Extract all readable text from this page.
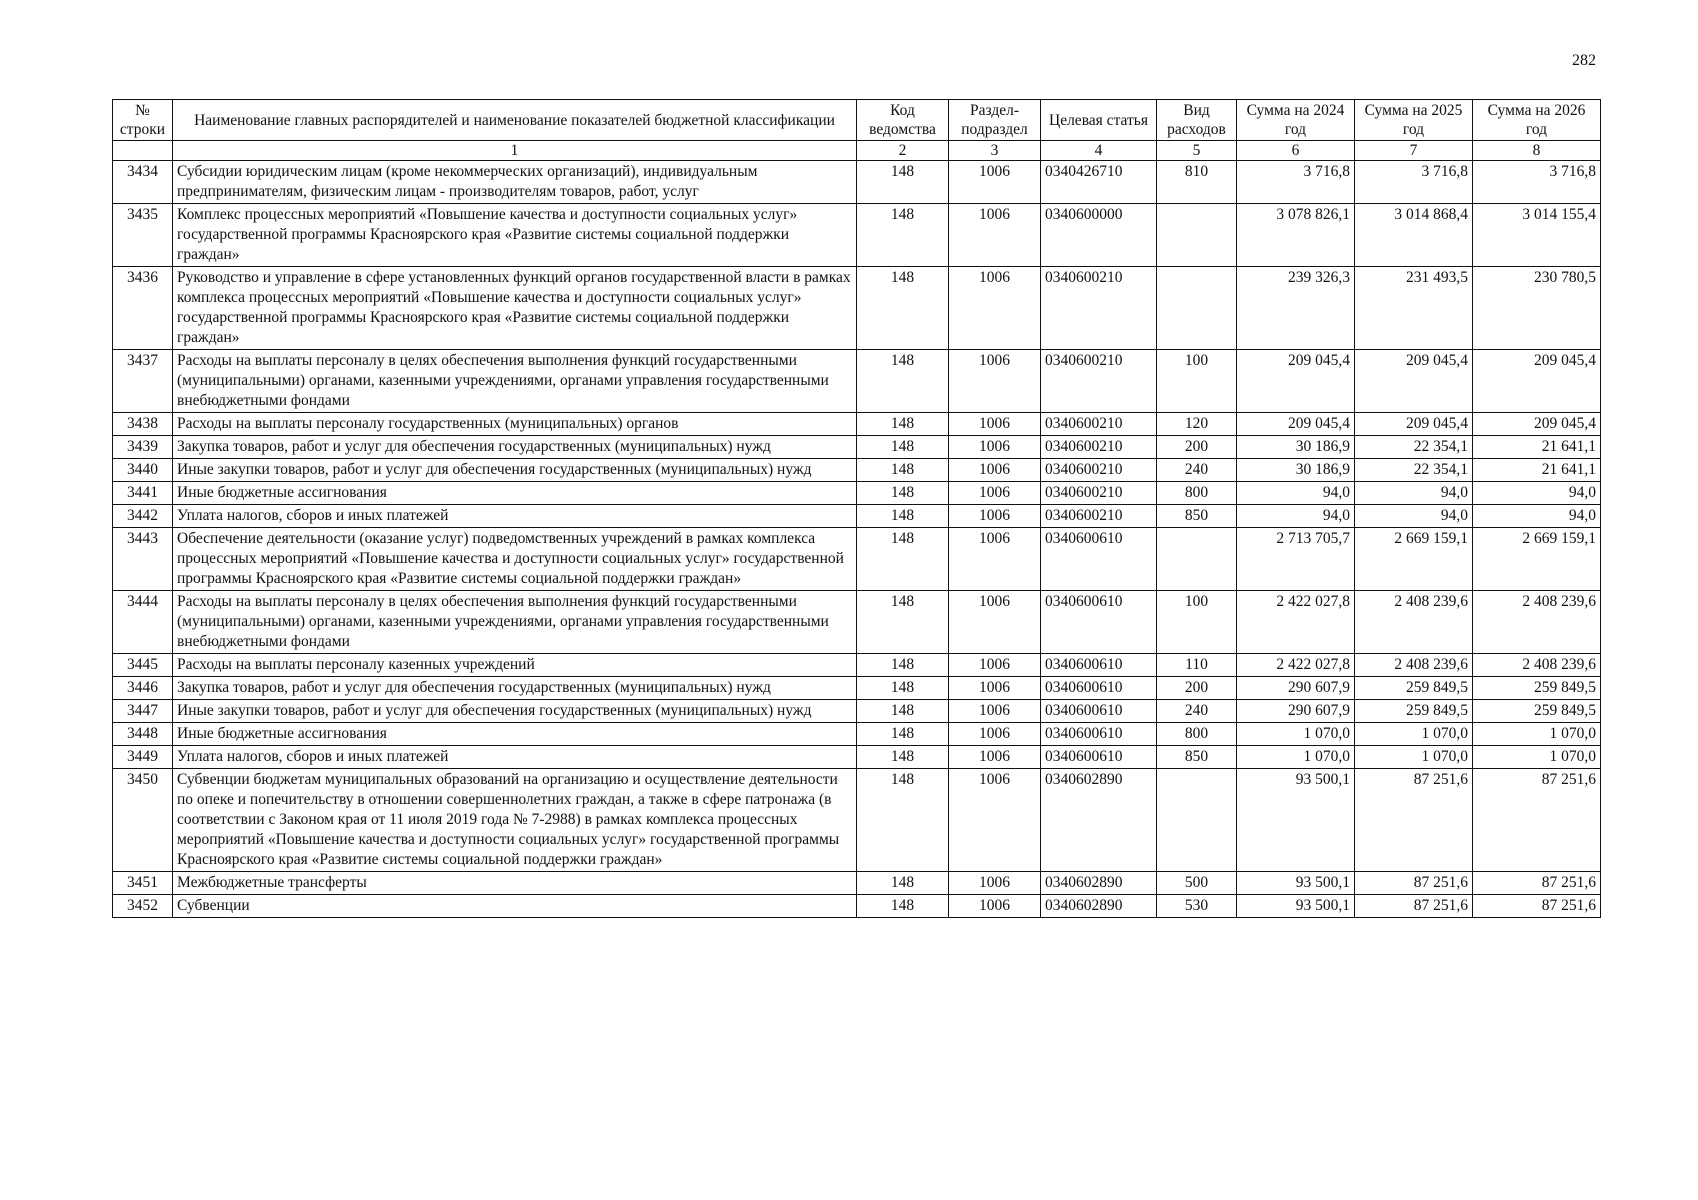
282
№ строки	Наименование главных распорядителей и наименование показателей бюджетной классификации	Код ведомства	Раздел-подраздел	Целевая статья	Вид расходов	Сумма на 2024 год	Сумма на 2025 год	Сумма на 2026 год
	1	2	3	4	5	6	7	8
3434	Субсидии юридическим лицам (кроме некоммерческих организаций), индивидуальным предпринимателям, физическим лицам - производителям товаров, работ, услуг	148	1006	0340426710	810	3 716,8	3 716,8	3 716,8
3435	Комплекс процессных мероприятий «Повышение качества и доступности социальных услуг» государственной программы Красноярского края «Развитие системы социальной поддержки граждан»	148	1006	0340600000		3 078 826,1	3 014 868,4	3 014 155,4
3436	Руководство и управление в сфере установленных функций органов государственной власти в рамках комплекса процессных мероприятий «Повышение качества и доступности социальных услуг» государственной программы Красноярского края «Развитие системы социальной поддержки граждан»	148	1006	0340600210		239 326,3	231 493,5	230 780,5
3437	Расходы на выплаты персоналу в целях обеспечения выполнения функций государственными (муниципальными) органами, казенными учреждениями, органами управления государственными внебюджетными фондами	148	1006	0340600210	100	209 045,4	209 045,4	209 045,4
3438	Расходы на выплаты персоналу государственных (муниципальных) органов	148	1006	0340600210	120	209 045,4	209 045,4	209 045,4
3439	Закупка товаров, работ и услуг для обеспечения государственных (муниципальных) нужд	148	1006	0340600210	200	30 186,9	22 354,1	21 641,1
3440	Иные закупки товаров, работ и услуг для обеспечения государственных (муниципальных) нужд	148	1006	0340600210	240	30 186,9	22 354,1	21 641,1
3441	Иные бюджетные ассигнования	148	1006	0340600210	800	94,0	94,0	94,0
3442	Уплата налогов, сборов и иных платежей	148	1006	0340600210	850	94,0	94,0	94,0
3443	Обеспечение деятельности (оказание услуг) подведомственных учреждений в рамках комплекса процессных мероприятий «Повышение качества и доступности социальных услуг» государственной программы Красноярского края «Развитие системы социальной поддержки граждан»	148	1006	0340600610		2 713 705,7	2 669 159,1	2 669 159,1
3444	Расходы на выплаты персоналу в целях обеспечения выполнения функций государственными (муниципальными) органами, казенными учреждениями, органами управления государственными внебюджетными фондами	148	1006	0340600610	100	2 422 027,8	2 408 239,6	2 408 239,6
3445	Расходы на выплаты персоналу казенных учреждений	148	1006	0340600610	110	2 422 027,8	2 408 239,6	2 408 239,6
3446	Закупка товаров, работ и услуг для обеспечения государственных (муниципальных) нужд	148	1006	0340600610	200	290 607,9	259 849,5	259 849,5
3447	Иные закупки товаров, работ и услуг для обеспечения государственных (муниципальных) нужд	148	1006	0340600610	240	290 607,9	259 849,5	259 849,5
3448	Иные бюджетные ассигнования	148	1006	0340600610	800	1 070,0	1 070,0	1 070,0
3449	Уплата налогов, сборов и иных платежей	148	1006	0340600610	850	1 070,0	1 070,0	1 070,0
3450	Субвенции бюджетам муниципальных образований на организацию и осуществление деятельности по опеке и попечительству в отношении совершеннолетних граждан, а также в сфере патронажа (в соответствии с Законом края от 11 июля 2019 года № 7-2988) в рамках комплекса процессных мероприятий «Повышение качества и доступности социальных услуг» государственной программы Красноярского края «Развитие системы социальной поддержки граждан»	148	1006	0340602890		93 500,1	87 251,6	87 251,6
3451	Межбюджетные трансферты	148	1006	0340602890	500	93 500,1	87 251,6	87 251,6
3452	Субвенции	148	1006	0340602890	530	93 500,1	87 251,6	87 251,6
